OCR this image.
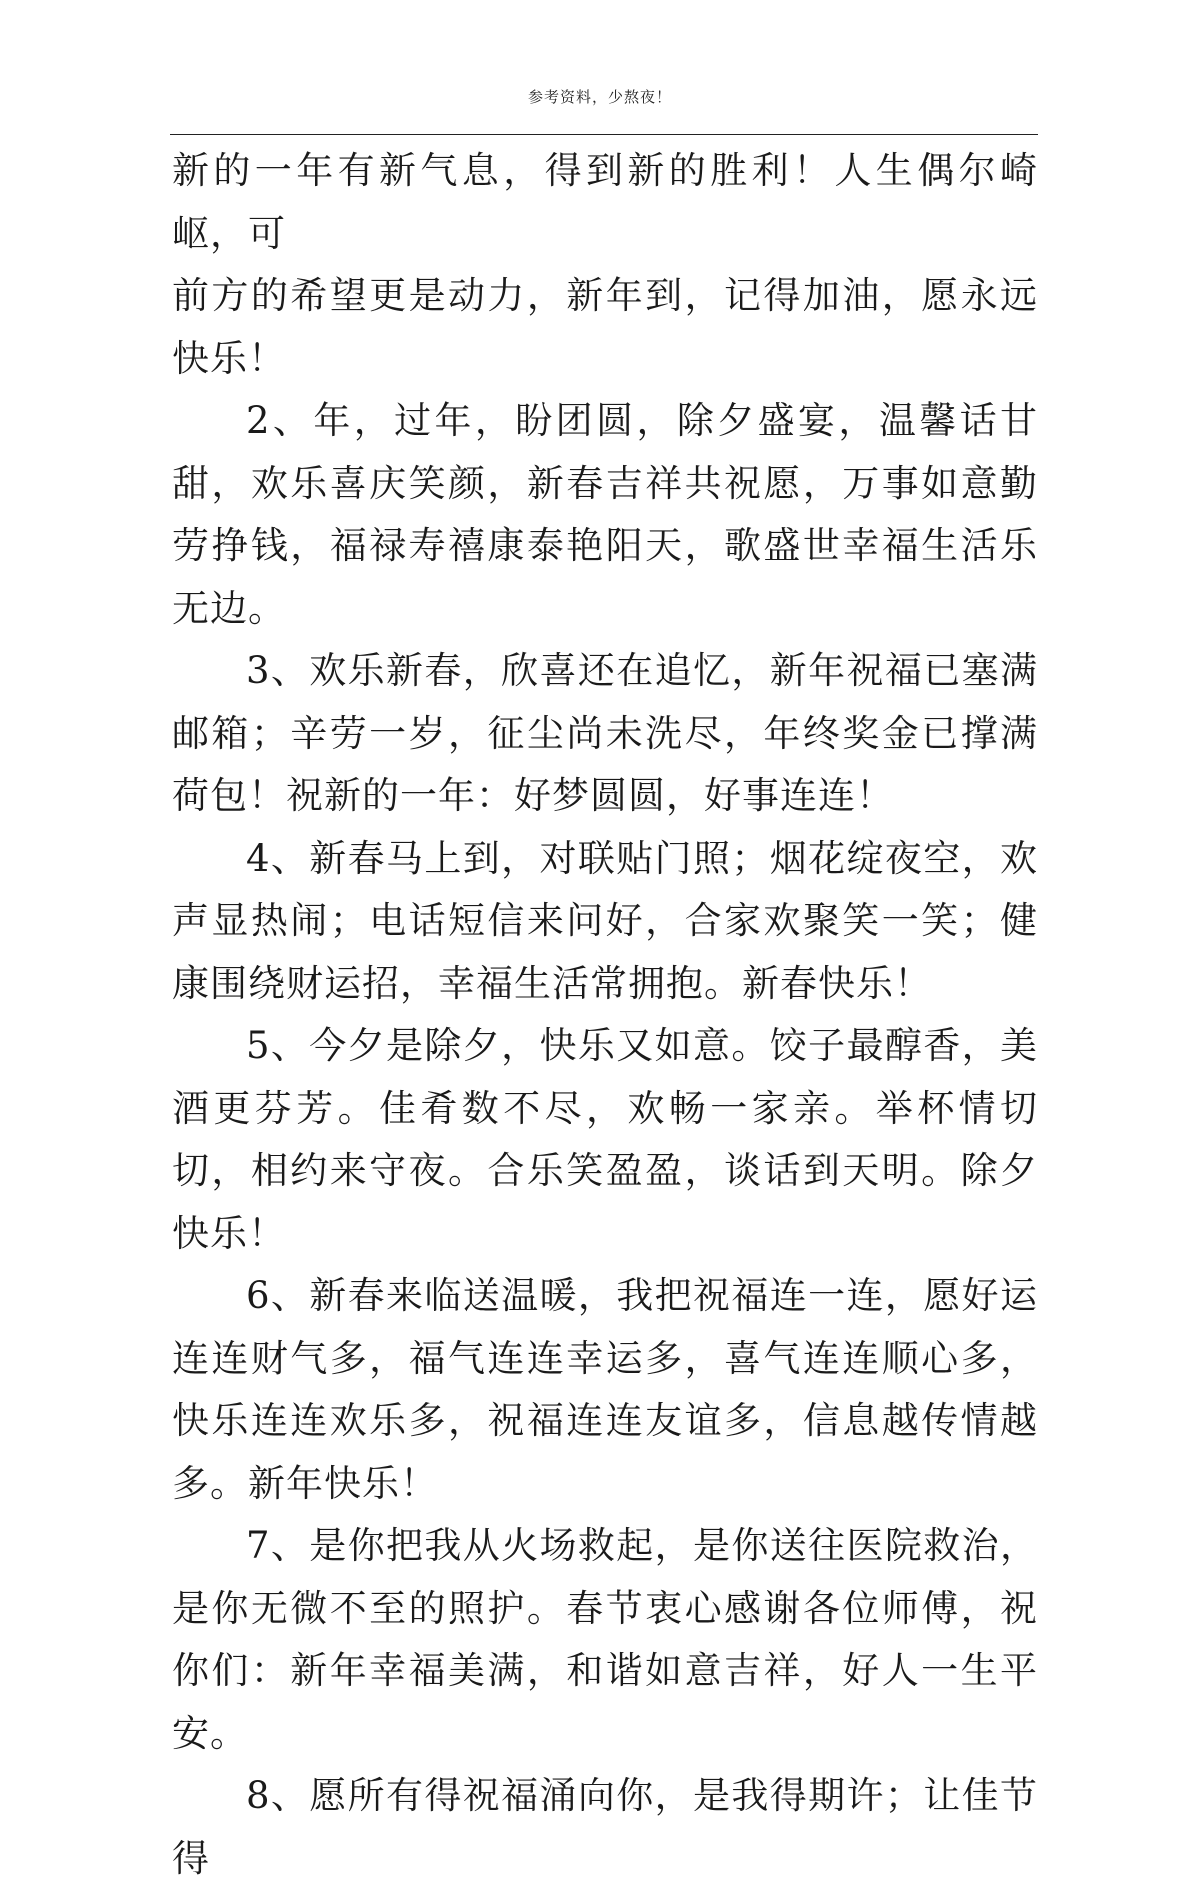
参考资料，少熬夜！

新的一年有新气息，得到新的胜利！人生偶尔崎岖，可

前方的希望更是动力，新年到，记得加油，愿永远快乐！

2、年，过年，盼团圆，除夕盛宴，温馨话甘甜，欢乐喜庆笑颜，新春吉祥共祝愿，万事如意勤劳挣钱，福禄寿禧康泰艳阳天，歌盛世幸福生活乐无边。

3、欢乐新春，欣喜还在追忆，新年祝福已塞满邮箱；辛劳一岁，征尘尚未洗尽，年终奖金已撑满荷包！祝新的一年：好梦圆圆，好事连连！

4、新春马上到，对联贴门照；烟花绽夜空，欢声显热闹；电话短信来问好，合家欢聚笑一笑；健康围绕财运招，幸福生活常拥抱。新春快乐！

5、今夕是除夕，快乐又如意。饺子最醇香，美酒更芬芳。佳肴数不尽，欢畅一家亲。举杯情切切，相约来守夜。合乐笑盈盈，谈话到天明。除夕快乐！

6、新春来临送温暖，我把祝福连一连，愿好运连连财气多，福气连连幸运多，喜气连连顺心多，快乐连连欢乐多，祝福连连友谊多，信息越传情越多。新年快乐！

7、是你把我从火场救起，是你送往医院救治，是你无微不至的照护。春节衷心感谢各位师傅，祝你们：新年幸福美满，和谐如意吉祥，好人一生平安。

8、愿所有得祝福涌向你，是我得期许；让佳节得
